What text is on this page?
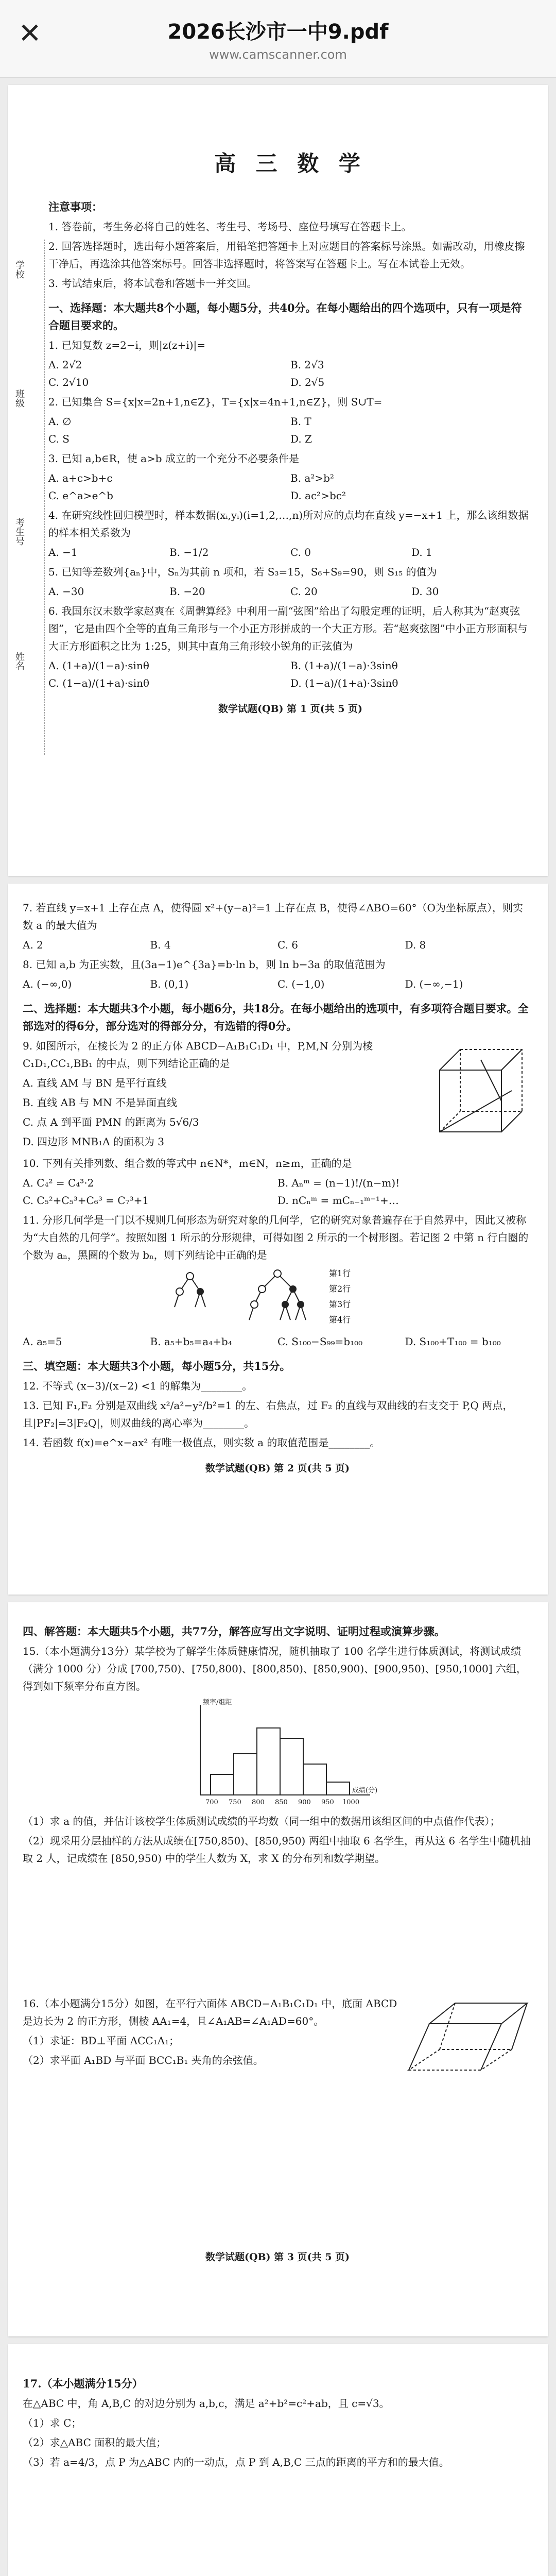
✕	2026长沙市一中9.pdf
www.camscanner.com
学校
班级
考生号
姓名
高 三 数 学
注意事项：
1. 答卷前，考生务必将自己的姓名、考生号、考场号、座位号填写在答题卡上。
2. 回答选择题时，选出每小题答案后，用铅笔把答题卡上对应题目的答案标号涂黑。如需改动，用橡皮擦干净后，再选涂其他答案标号。回答非选择题时，将答案写在答题卡上。写在本试卷上无效。
3. 考试结束后，将本试卷和答题卡一并交回。
一、选择题：本大题共8个小题，每小题5分，共40分。在每小题给出的四个选项中，只有一项是符合题目要求的。
1. 已知复数 z=2−i，则|z(z+i)|=
A. 2√2	B. 2√3
C. 2√10	D. 2√5
2. 已知集合 S={x|x=2n+1,n∈Z}，T={x|x=4n+1,n∈Z}，则 S∪T=
A. ∅	B. T
C. S	D. Z
3. 已知 a,b∈R，使 a>b 成立的一个充分不必要条件是
A. a+c>b+c	B. a²>b²
C. e^a>e^b	D. ac²>bc²
4. 在研究线性回归模型时，样本数据(xᵢ,yᵢ)(i=1,2,…,n)所对应的点均在直线 y=−x+1 上，那么该组数据的样本相关系数为
A. −1	B. −1/2	C. 0	D. 1
5. 已知等差数列{aₙ}中，Sₙ为其前 n 项和，若 S₃=15，S₆+S₉=90，则 S₁₅ 的值为
A. −30	B. −20	C. 20	D. 30
6. 我国东汉末数学家赵爽在《周髀算经》中利用一副“弦图”给出了勾股定理的证明，后人称其为“赵爽弦图”，它是由四个全等的直角三角形与一个小正方形拼成的一个大正方形。若“赵爽弦图”中小正方形面积与大正方形面积之比为 1:25，则其中直角三角形较小锐角的正弦值为
A. (1+a)/(1−a)·sinθ	B. (1+a)/(1−a)·3sinθ
C. (1−a)/(1+a)·sinθ	D. (1−a)/(1+a)·3sinθ
数学试题(QB) 第 1 页(共 5 页)
7. 若直线 y=x+1 上存在点 A，使得圆 x²+(y−a)²=1 上存在点 B，使得∠ABO=60°（O为坐标原点），则实数 a 的最大值为
A. 2	B. 4	C. 6	D. 8
8. 已知 a,b 为正实数，且(3a−1)e^{3a}=b·ln b，则 ln b−3a 的取值范围为
A. (−∞,0)	B. (0,1)	C. (−1,0)	D. (−∞,−1)
二、选择题：本大题共3个小题，每小题6分，共18分。在每小题给出的选项中，有多项符合题目要求。全部选对的得6分，部分选对的得部分分，有选错的得0分。
9. 如图所示，在棱长为 2 的正方体 ABCD−A₁B₁C₁D₁ 中，P,M,N 分别为棱 C₁D₁,CC₁,BB₁ 的中点，则下列结论正确的是
A. 直线 AM 与 BN 是平行直线
B. 直线 AB 与 MN 不是异面直线
C. 点 A 到平面 PMN 的距离为 5√6/3
D. 四边形 MNB₁A 的面积为 3
10. 下列有关排列数、组合数的等式中 n∈N*，m∈N，n≥m，正确的是
A. C₄² = C₄³·2	B. Aₙᵐ = (n−1)!/(n−m)!
C. C₅²+C₅³+C₆³ = C₇³+1	D. nCₙᵐ = mCₙ₋₁ᵐ⁻¹+…
11. 分形几何学是一门以不规则几何形态为研究对象的几何学，它的研究对象普遍存在于自然界中，因此又被称为“大自然的几何学”。按照如图 1 所示的分形规律，可得如图 2 所示的一个树形图。若记图 2 中第 n 行白圈的个数为 aₙ，黑圈的个数为 bₙ，则下列结论中正确的是
第1行
第2行
第3行
第4行
A. a₅=5	B. a₅+b₅=a₄+b₄	C. S₁₀₀−S₉₉=b₁₀₀	D. S₁₀₀+T₁₀₀ = b₁₀₀
三、填空题：本大题共3个小题，每小题5分，共15分。
12. 不等式 (x−3)/(x−2) <1 的解集为________。
13. 已知 F₁,F₂ 分别是双曲线 x²/a²−y²/b²=1 的左、右焦点，过 F₂ 的直线与双曲线的右支交于 P,Q 两点，且|PF₂|=3|F₂Q|，则双曲线的离心率为________。
14. 若函数 f(x)=e^x−ax² 有唯一极值点，则实数 a 的取值范围是________。
数学试题(QB) 第 2 页(共 5 页)
四、解答题：本大题共5个小题，共77分，解答应写出文字说明、证明过程或演算步骤。
15.（本小题满分13分）某学校为了解学生体质健康情况，随机抽取了 100 名学生进行体质测试，将测试成绩（满分 1000 分）分成 [700,750)、[750,800)、[800,850)、[850,900)、[900,950)、[950,1000] 六组，得到如下频率分布直方图。
700 750 800 850 900 950 1000
成绩(分)
频率/组距
（1）求 a 的值，并估计该校学生体质测试成绩的平均数（同一组中的数据用该组区间的中点值作代表）；
（2）现采用分层抽样的方法从成绩在[750,850)、[850,950) 两组中抽取 6 名学生，再从这 6 名学生中随机抽取 2 人，记成绩在 [850,950) 中的学生人数为 X，求 X 的分布列和数学期望。
16.（本小题满分15分）如图，在平行六面体 ABCD−A₁B₁C₁D₁ 中，底面 ABCD 是边长为 2 的正方形，侧棱 AA₁=4，且∠A₁AB=∠A₁AD=60°。
（1）求证：BD⊥平面 ACC₁A₁；
（2）求平面 A₁BD 与平面 BCC₁B₁ 夹角的余弦值。
数学试题(QB) 第 3 页(共 5 页)
17.（本小题满分15分）
在△ABC 中，角 A,B,C 的对边分别为 a,b,c，满足 a²+b²=c²+ab，且 c=√3。
（1）求 C；
（2）求△ABC 面积的最大值；
（3）若 a=4/3，点 P 为△ABC 内的一动点，点 P 到 A,B,C 三点的距离的平方和的最大值。
